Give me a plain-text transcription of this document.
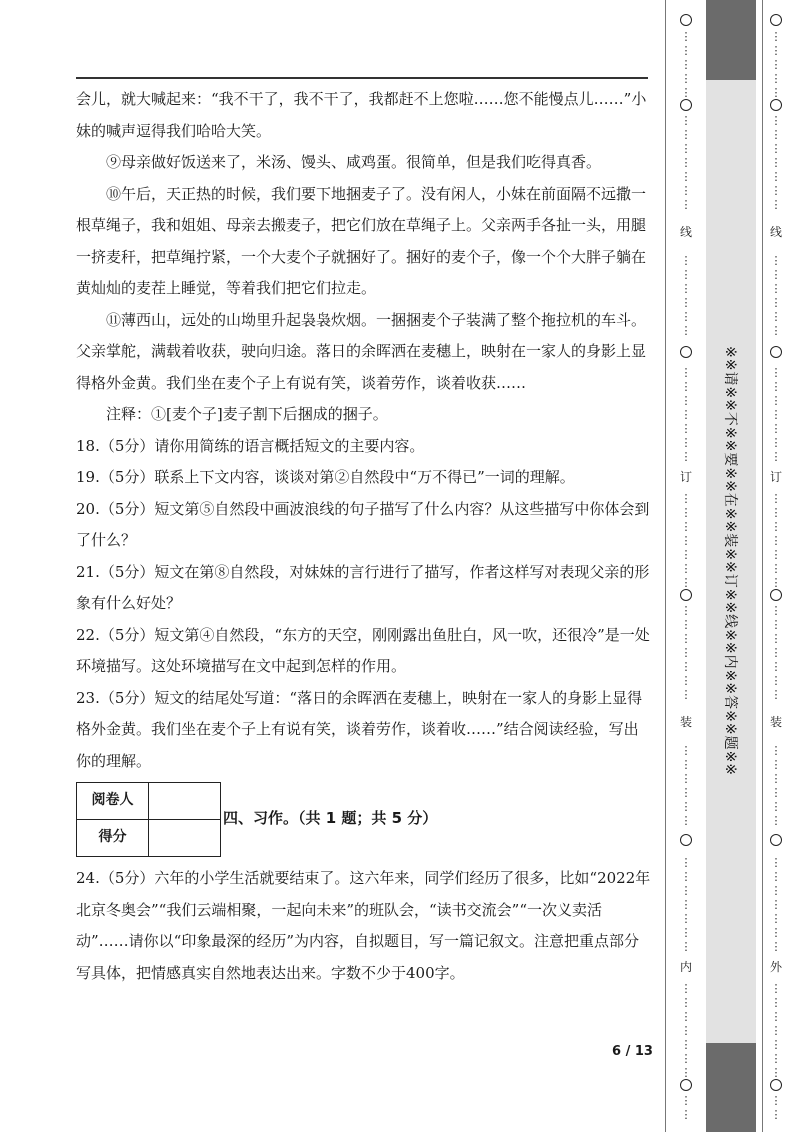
会儿，就大喊起来：“我不干了，我不干了，我都赶不上您啦……您不能慢点儿……”小妹的喊声逗得我们哈哈大笑。

⑨母亲做好饭送来了，米汤、馒头、咸鸡蛋。很简单，但是我们吃得真香。

⑩午后，天正热的时候，我们要下地捆麦子了。没有闲人，小妹在前面隔不远撒一根草绳子，我和姐姐、母亲去搬麦子，把它们放在草绳子上。父亲两手各扯一头，用腿一挤麦秆，把草绳拧紧，一个大麦个子就捆好了。捆好的麦个子，像一个个大胖子躺在黄灿灿的麦茬上睡觉，等着我们把它们拉走。

⑪薄西山，远处的山坳里升起袅袅炊烟。一捆捆麦个子装满了整个拖拉机的车斗。父亲掌舵，满载着收获，驶向归途。落日的余晖洒在麦穗上，映射在一家人的身影上显得格外金黄。我们坐在麦个子上有说有笑，谈着劳作，谈着收获……

注释：①[麦个子]麦子割下后捆成的捆子。

18.（5分）请你用简练的语言概括短文的主要内容。

19.（5分）联系上下文内容，谈谈对第②自然段中“万不得已”一词的理解。

20.（5分）短文第⑤自然段中画波浪线的句子描写了什么内容？从这些描写中你体会到了什么？

21.（5分）短文在第⑧自然段，对妹妹的言行进行了描写，作者这样写对表现父亲的形象有什么好处？

22.（5分）短文第④自然段，“东方的天空，刚刚露出鱼肚白，风一吹，还很冷”是一处环境描写。这处环境描写在文中起到怎样的作用。

23.（5分）短文的结尾处写道：“落日的余晖洒在麦穗上，映射在一家人的身影上显得格外金黄。我们坐在麦个子上有说有笑，谈着劳作，谈着收……”结合阅读经验，写出你的理解。

阅卷人	
得分	
四、习作。（共 1 题；共 5 分）

24.（5分）六年的小学生活就要结束了。这六年来，同学们经历了很多，比如“2022年北京冬奥会”“我们云端相聚，一起向未来”的班队会，“读书交流会”“一次义卖活动”……请你以“印象最深的经历”为内容，自拟题目，写一篇记叙文。注意把重点部分写具体，把情感真实自然地表达出来。字数不少于400字。

6 / 13
⋮
⋮
⋮
⋮
⋮
⋮
⋮
⋮
⋮
⋮
⋮
⋮
⋮
⋮
⋮
⋮
⋮
⋮
⋮
⋮
⋮
⋮
⋮
⋮
⋮
⋮
⋮
⋮
⋮
⋮
⋮
⋮
⋮
⋮
⋮
⋮
⋮
⋮
⋮
⋮
⋮
⋮
⋮
⋮
⋮
⋮
⋮
⋮
⋮
⋮
⋮
⋮
⋮
⋮
⋮
⋮
⋮
⋮
⋮
⋮
⋮
线
订
装
内
※※请※※不※※要※※在※※装※※订※※线※※内※※答※※题※※
⋮
⋮
⋮
⋮
⋮
⋮
⋮
⋮
⋮
⋮
⋮
⋮
⋮
⋮
⋮
⋮
⋮
⋮
⋮
⋮
⋮
⋮
⋮
⋮
⋮
⋮
⋮
⋮
⋮
⋮
⋮
⋮
⋮
⋮
⋮
⋮
⋮
⋮
⋮
⋮
⋮
⋮
⋮
⋮
⋮
⋮
⋮
⋮
⋮
⋮
⋮
⋮
⋮
⋮
⋮
⋮
⋮
⋮
⋮
⋮
⋮
线
订
装
外
